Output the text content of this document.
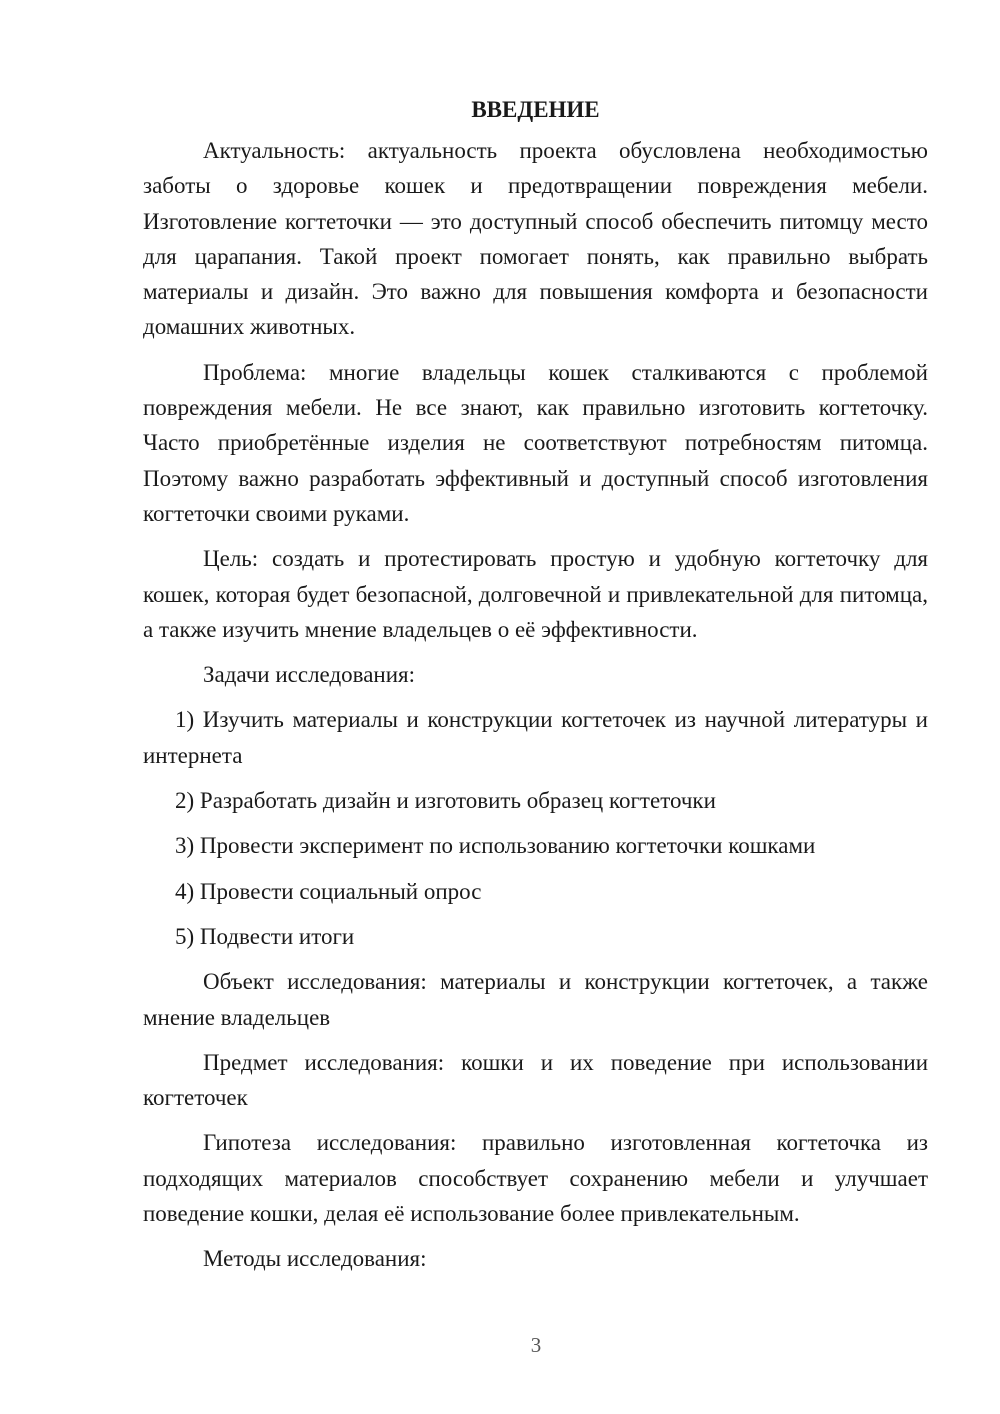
ВВЕДЕНИЕ

Актуальность: актуальность проекта обусловлена необходимостью заботы о здоровье кошек и предотвращении повреждения мебели. Изготовление когтеточки — это доступный способ обеспечить питомцу место для царапания. Такой проект помогает понять, как правильно выбрать материалы и дизайн. Это важно для повышения комфорта и безопасности домашних животных.

Проблема: многие владельцы кошек сталкиваются с проблемой повреждения мебели. Не все знают, как правильно изготовить когтеточку. Часто приобретённые изделия не соответствуют потребностям питомца. Поэтому важно разработать эффективный и доступный способ изготовления когтеточки своими руками.

Цель: создать и протестировать простую и удобную когтеточку для кошек, которая будет безопасной, долговечной и привлекательной для питомца, а также изучить мнение владельцев о её эффективности.

Задачи исследования:

1) Изучить материалы и конструкции когтеточек из научной литературы и интернета

2) Разработать дизайн и изготовить образец когтеточки

3) Провести эксперимент по использованию когтеточки кошками

4) Провести социальный опрос

5) Подвести итоги

Объект исследования: материалы и конструкции когтеточек, а также мнение владельцев

Предмет исследования: кошки и их поведение при использовании когтеточек

Гипотеза исследования: правильно изготовленная когтеточка из подходящих материалов способствует сохранению мебели и улучшает поведение кошки, делая её использование более привлекательным.

Методы исследования:

3
